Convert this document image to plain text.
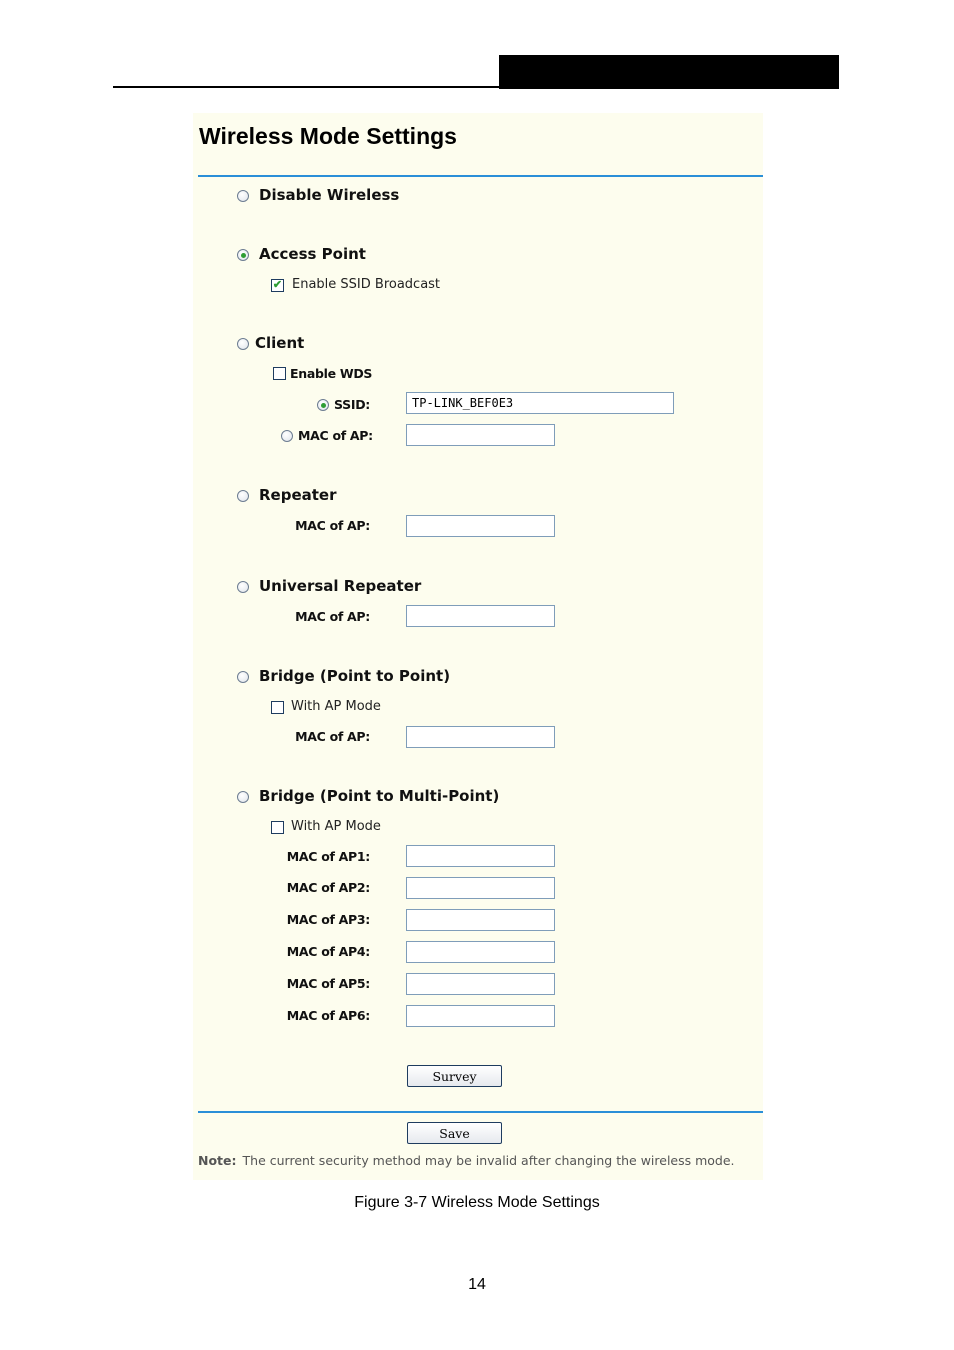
Wireless Mode Settings
Disable Wireless
Access Point
✔ Enable SSID Broadcast
Client
Enable WDS
SSID:
TP-LINK_BEF0E3
MAC of AP:
Repeater
MAC of AP:
Universal Repeater
MAC of AP:
Bridge (Point to Point)
With AP Mode
MAC of AP:
Bridge (Point to Multi-Point)
With AP Mode
MAC of AP1:
MAC of AP2:
MAC of AP3:
MAC of AP4:
MAC of AP5:
MAC of AP6:
Survey
Save
Note: The current security method may be invalid after changing the wireless mode.
Figure 3-7 Wireless Mode Settings
14
